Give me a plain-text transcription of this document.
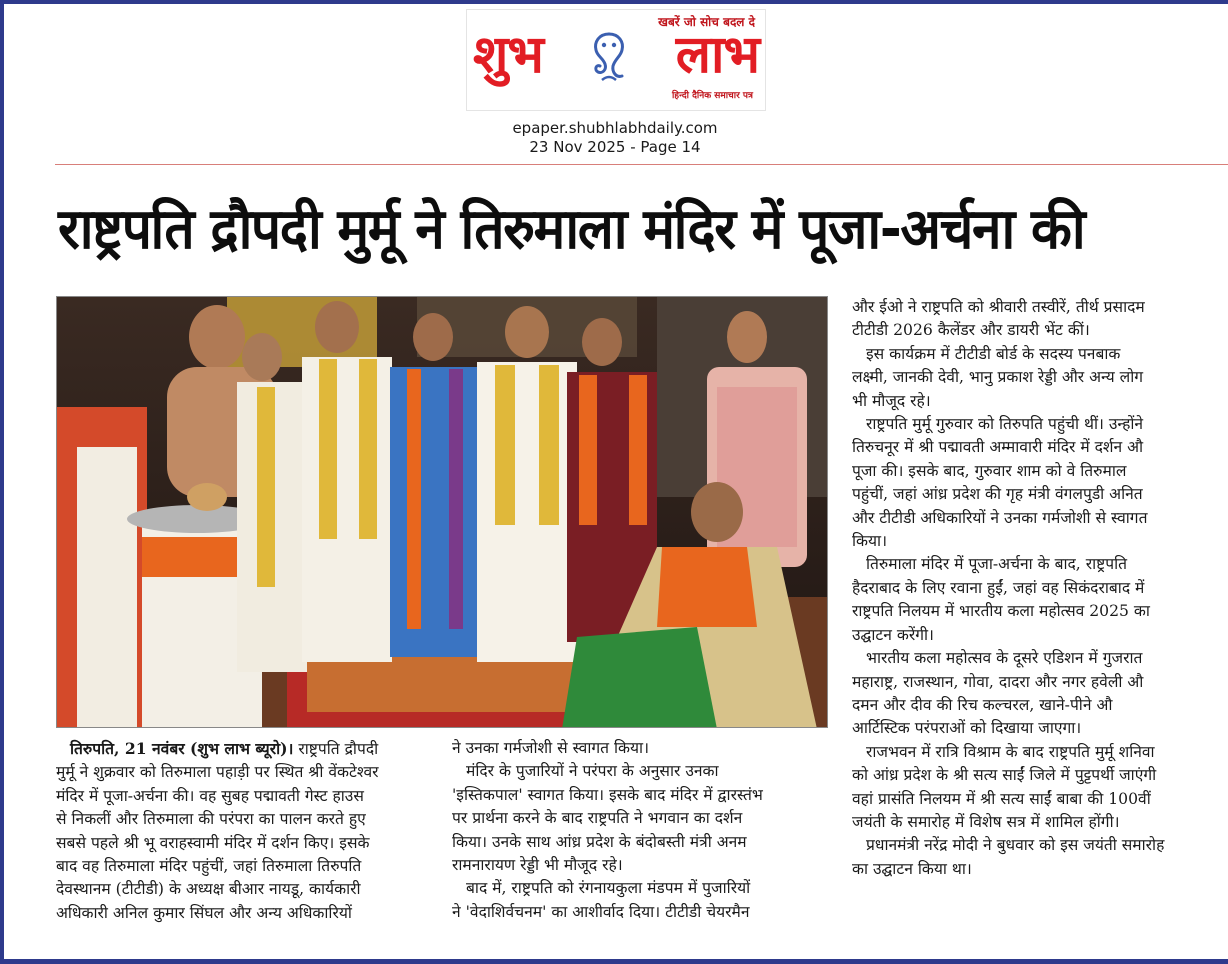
खबरें जो सोच बदल दे
शुभ	लाभ
हिन्दी दैनिक समाचार पत्र
epaper.shubhlabhdaily.com
23 Nov 2025 - Page 14
राष्ट्रपति द्रौपदी मुर्मू ने तिरुमाला मंदिर में पूजा-अर्चना की

तिरुपति, 21 नवंबर (शुभ लाभ ब्यूरो)। राष्ट्रपति द्रौपदी

मुर्मू ने शुक्रवार को तिरुमाला पहाड़ी पर स्थित श्री वेंकटेश्वर

मंदिर में पूजा-अर्चना की। वह सुबह पद्मावती गेस्ट हाउस

से निकलीं और तिरुमाला की परंपरा का पालन करते हुए

सबसे पहले श्री भू वराहस्वामी मंदिर में दर्शन किए। इसके

बाद वह तिरुमाला मंदिर पहुंचीं, जहां तिरुमाला तिरुपति

देवस्थानम (टीटीडी) के अध्यक्ष बीआर नायडू, कार्यकारी

अधिकारी अनिल कुमार सिंघल और अन्य अधिकारियों

ने उनका गर्मजोशी से स्वागत किया।

मंदिर के पुजारियों ने परंपरा के अनुसार उनका

'इस्तिकपाल' स्वागत किया। इसके बाद मंदिर में द्वारस्तंभ

पर प्रार्थना करने के बाद राष्ट्रपति ने भगवान का दर्शन

किया। उनके साथ आंध्र प्रदेश के बंदोबस्ती मंत्री अनम

रामनारायण रेड्डी भी मौजूद रहे।

बाद में, राष्ट्रपति को रंगनायकुला मंडपम में पुजारियों

ने 'वेदाशिर्वचनम' का आशीर्वाद दिया। टीटीडी चेयरमैन

और ईओ ने राष्ट्रपति को श्रीवारी तस्वीरें, तीर्थ प्रसादम

टीटीडी 2026 कैलेंडर और डायरी भेंट कीं।

इस कार्यक्रम में टीटीडी बोर्ड के सदस्य पनबाक

लक्ष्मी, जानकी देवी, भानु प्रकाश रेड्डी और अन्य लोग

भी मौजूद रहे।

राष्ट्रपति मुर्मू गुरुवार को तिरुपति पहुंची थीं। उन्होंने

तिरुचनूर में श्री पद्मावती अम्मावारी मंदिर में दर्शन औ

पूजा की। इसके बाद, गुरुवार शाम को वे तिरुमाल

पहुंचीं, जहां आंध्र प्रदेश की गृह मंत्री वंगलपुडी अनित

और टीटीडी अधिकारियों ने उनका गर्मजोशी से स्वागत

किया।

तिरुमाला मंदिर में पूजा-अर्चना के बाद, राष्ट्रपति

हैदराबाद के लिए रवाना हुईं, जहां वह सिकंदराबाद में

राष्ट्रपति निलयम में भारतीय कला महोत्सव 2025 का

उद्घाटन करेंगी।

भारतीय कला महोत्सव के दूसरे एडिशन में गुजरात

महाराष्ट्र, राजस्थान, गोवा, दादरा और नगर हवेली औ

दमन और दीव की रिच कल्चरल, खाने-पीने औ

आर्टिस्टिक परंपराओं को दिखाया जाएगा।

राजभवन में रात्रि विश्राम के बाद राष्ट्रपति मुर्मू शनिवा

को आंध्र प्रदेश के श्री सत्य साईं जिले में पुट्टपर्थी जाएंगी

वहां प्रासंति निलयम में श्री सत्य साईं बाबा की 100वीं

जयंती के समारोह में विशेष सत्र में शामिल होंगी।

प्रधानमंत्री नरेंद्र मोदी ने बुधवार को इस जयंती समारोह

का उद्घाटन किया था।
